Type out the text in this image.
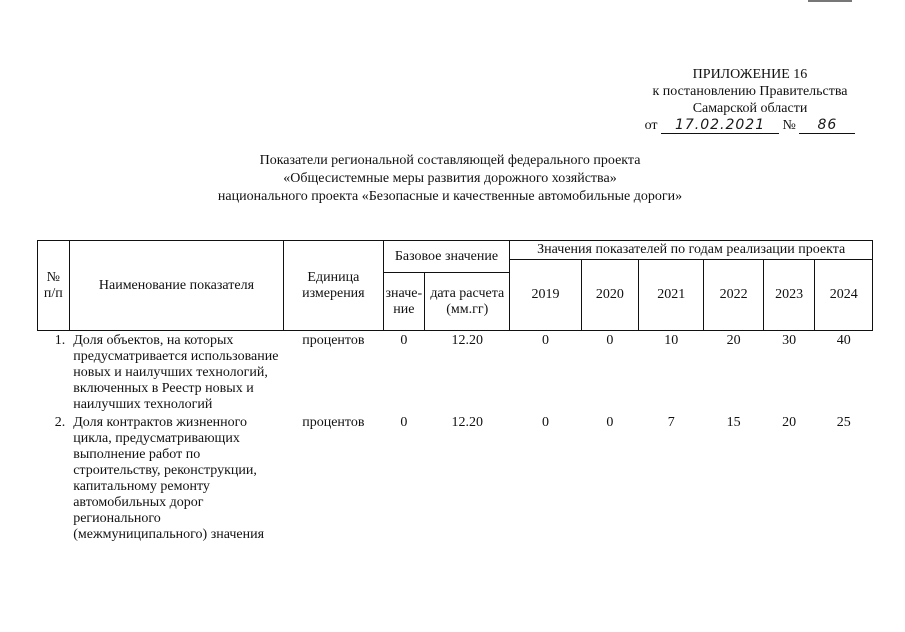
ПРИЛОЖЕНИЕ 16
к постановлению Правительства
Самарской области
от 17.02.2021 № 86
Показатели региональной составляющей федерального проекта
«Общесистемные меры развития дорожного хозяйства»
национального проекта «Безопасные и качественные автомобильные дороги»
№ п/п	Наименование показателя	Единица измерения	Базовое значение		Значения показателей по годам реализации проекта					
					2019	2020	2021	2022	2023	2024
			значе-ние	дата расчета (мм.гг)						
1.	Доля объектов, на которых предусматривается использование новых и наилучших технологий, включенных в Реестр новых и наилучших технологий	процентов	0	12.20	0	0	10	20	30	40
2.	Доля контрактов жизненного цикла, предусматривающих выполнение работ по строительству, реконструкции, капитальному ремонту автомобильных дорог регионального (межмуниципального) значения	процентов	0	12.20	0	0	7	15	20	25
